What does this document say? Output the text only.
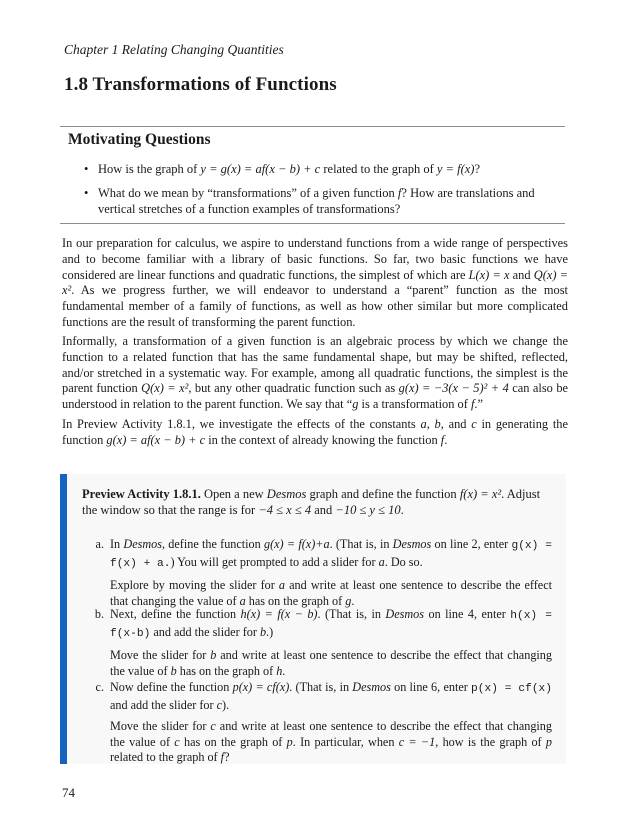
Chapter 1 Relating Changing Quantities
1.8 Transformations of Functions
Motivating Questions
• How is the graph of y = g(x) = af(x − b) + c related to the graph of y = f(x)?
• What do we mean by “transformations” of a given function f? How are translations and vertical stretches of a function examples of transformations?

In our preparation for calculus, we aspire to understand functions from a wide range of perspectives and to become familiar with a library of basic functions. So far, two basic functions we have considered are linear functions and quadratic functions, the simplest of which are L(x) = x and Q(x) = x². As we progress further, we will endeavor to understand a “parent” function as the most fundamental member of a family of functions, as well as how other similar but more complicated functions are the result of transforming the parent function.

Informally, a transformation of a given function is an algebraic process by which we change the function to a related function that has the same fundamental shape, but may be shifted, reflected, and/or stretched in a systematic way. For example, among all quadratic functions, the simplest is the parent function Q(x) = x², but any other quadratic function such as g(x) = −3(x − 5)² + 4 can also be understood in relation to the parent function. We say that “g is a transformation of f.”

In Preview Activity 1.8.1, we investigate the effects of the constants a, b, and c in generating the function g(x) = af(x − b) + c in the context of already knowing the function f.

Preview Activity 1.8.1. Open a new Desmos graph and define the function f(x) = x². Adjust the window so that the range is for −4 ≤ x ≤ 4 and −10 ≤ y ≤ 10.

a. In Desmos, define the function g(x) = f(x)+a. (That is, in Desmos on line 2, enter g(x) = f(x) + a.) You will get prompted to add a slider for a. Do so.

Explore by moving the slider for a and write at least one sentence to describe the effect that changing the value of a has on the graph of g.

b. Next, define the function h(x) = f(x − b). (That is, in Desmos on line 4, enter h(x) = f(x-b) and add the slider for b.)

Move the slider for b and write at least one sentence to describe the effect that changing the value of b has on the graph of h.

c. Now define the function p(x) = cf(x). (That is, in Desmos on line 6, enter p(x) = cf(x) and add the slider for c).

Move the slider for c and write at least one sentence to describe the effect that changing the value of c has on the graph of p. In particular, when c = −1, how is the graph of p related to the graph of f?

74
